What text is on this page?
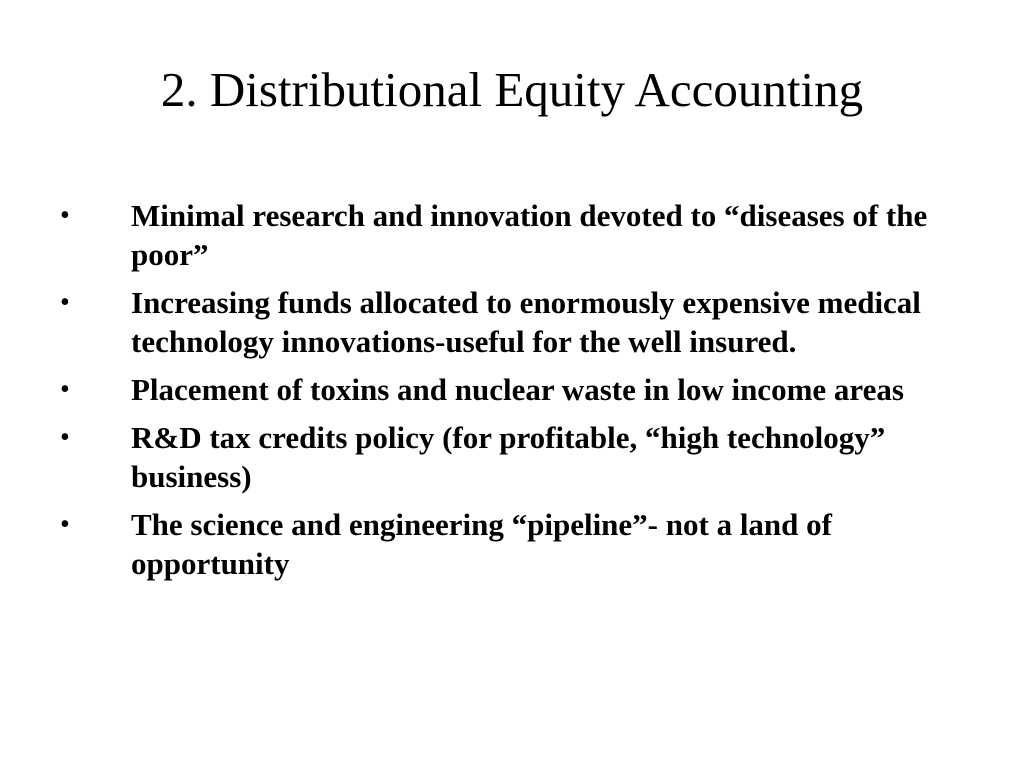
2. Distributional Equity Accounting
• Minimal research and innovation devoted to “diseases of the poor”
• Increasing funds allocated to enormously expensive medical technology innovations-useful for the well insured.
• Placement of toxins and nuclear waste in low income areas
• R&D tax credits policy (for profitable, “high technology” business)
• The science and engineering “pipeline”- not a land of opportunity
